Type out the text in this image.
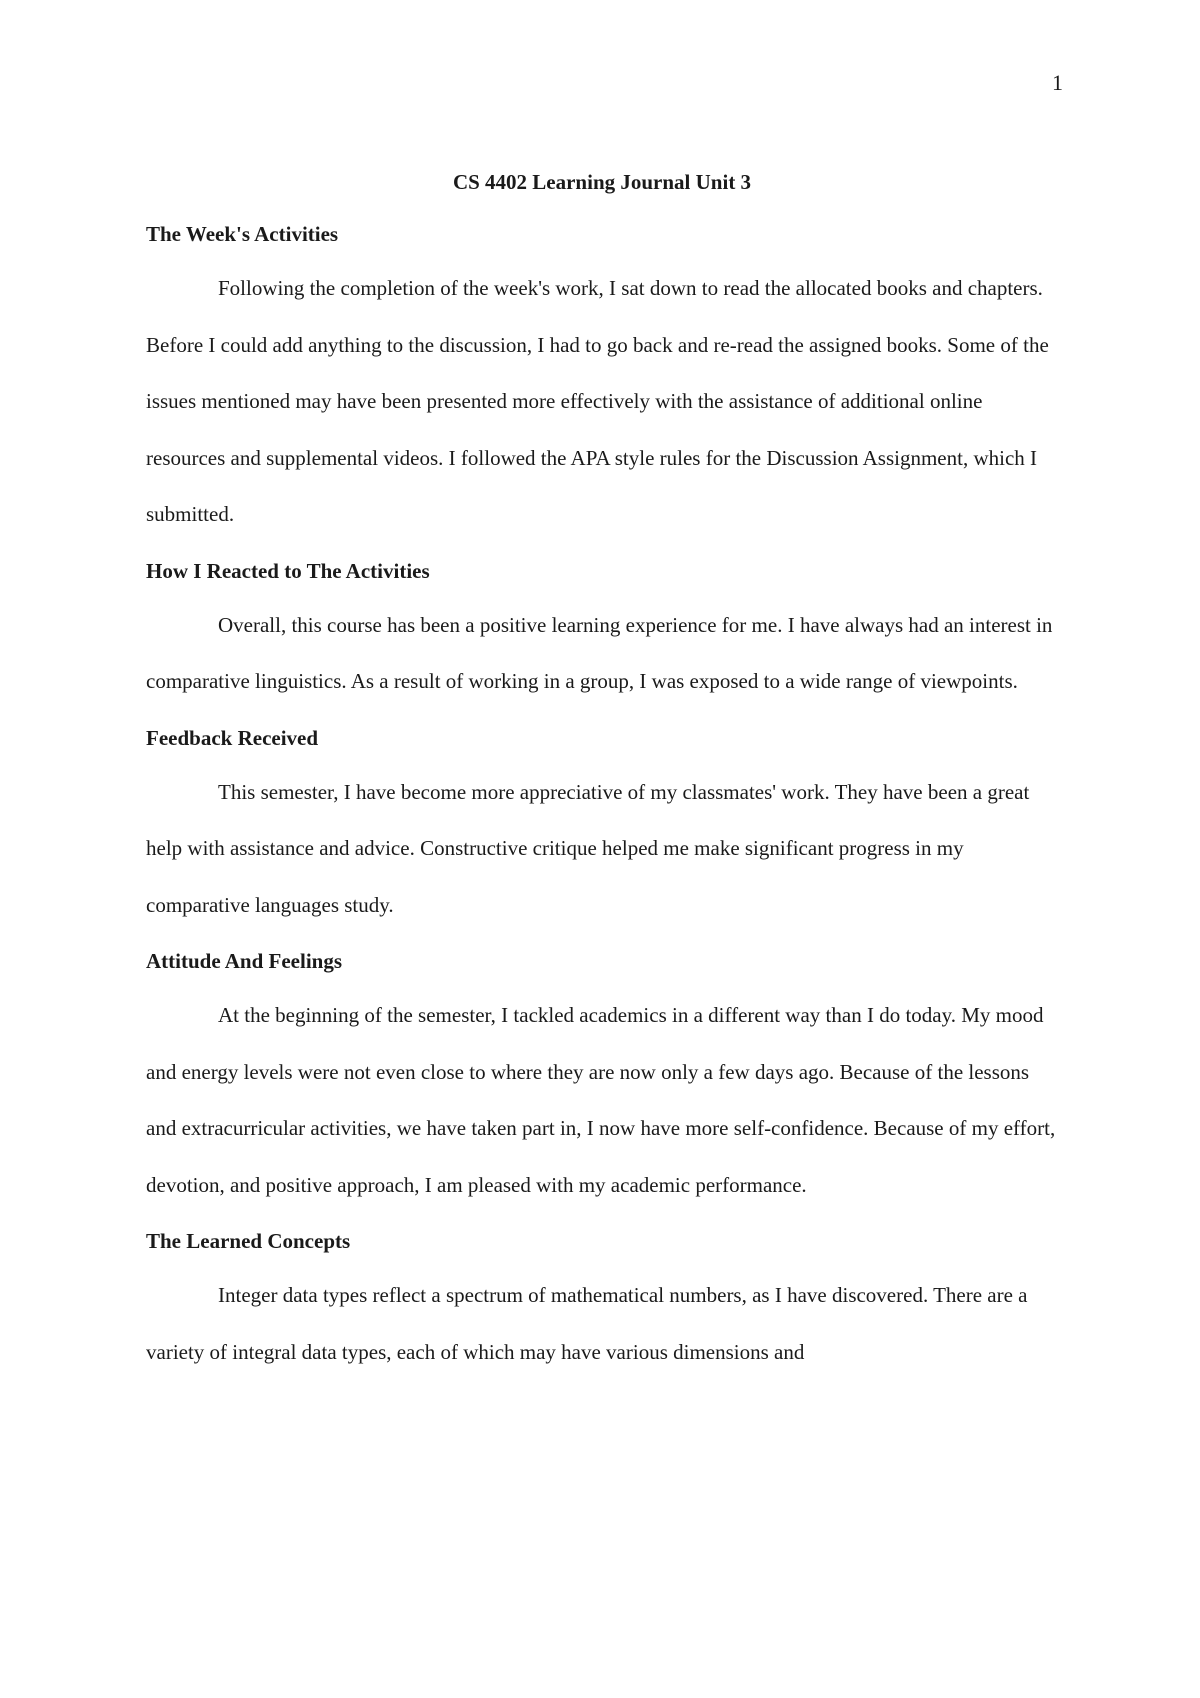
1
CS 4402 Learning Journal Unit 3
The Week's Activities

Following the completion of the week's work, I sat down to read the allocated books and chapters. Before I could add anything to the discussion, I had to go back and re-read the assigned books. Some of the issues mentioned may have been presented more effectively with the assistance of additional online resources and supplemental videos. I followed the APA style rules for the Discussion Assignment, which I submitted.

How I Reacted to The Activities

Overall, this course has been a positive learning experience for me. I have always had an interest in comparative linguistics. As a result of working in a group, I was exposed to a wide range of viewpoints.

Feedback Received

This semester, I have become more appreciative of my classmates' work. They have been a great help with assistance and advice. Constructive critique helped me make significant progress in my comparative languages study.

Attitude And Feelings

At the beginning of the semester, I tackled academics in a different way than I do today. My mood and energy levels were not even close to where they are now only a few days ago. Because of the lessons and extracurricular activities, we have taken part in, I now have more self-confidence. Because of my effort, devotion, and positive approach, I am pleased with my academic performance.

The Learned Concepts

Integer data types reflect a spectrum of mathematical numbers, as I have discovered. There are a variety of integral data types, each of which may have various dimensions and
